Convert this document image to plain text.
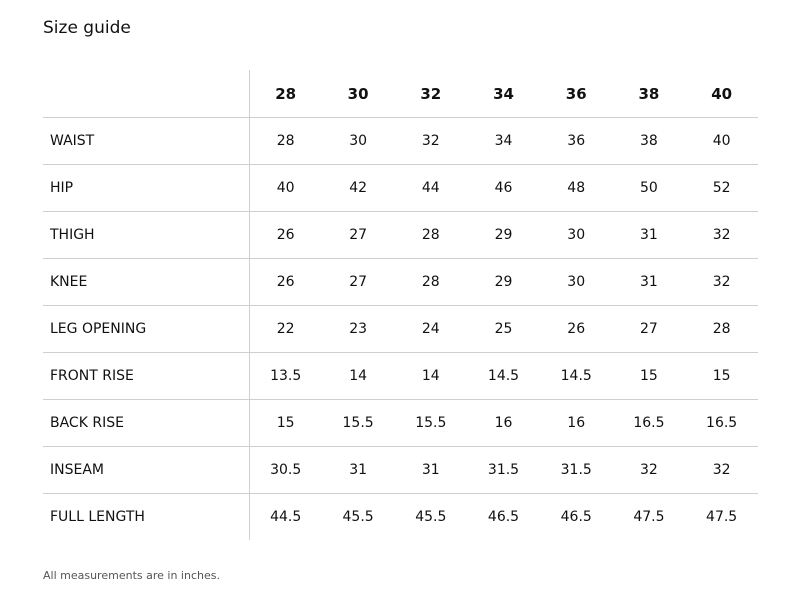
Size guide
	28	30	32	34	36	38	40
WAIST	28	30	32	34	36	38	40
HIP	40	42	44	46	48	50	52
THIGH	26	27	28	29	30	31	32
KNEE	26	27	28	29	30	31	32
LEG OPENING	22	23	24	25	26	27	28
FRONT RISE	13.5	14	14	14.5	14.5	15	15
BACK RISE	15	15.5	15.5	16	16	16.5	16.5
INSEAM	30.5	31	31	31.5	31.5	32	32
FULL LENGTH	44.5	45.5	45.5	46.5	46.5	47.5	47.5

All measurements are in inches.
